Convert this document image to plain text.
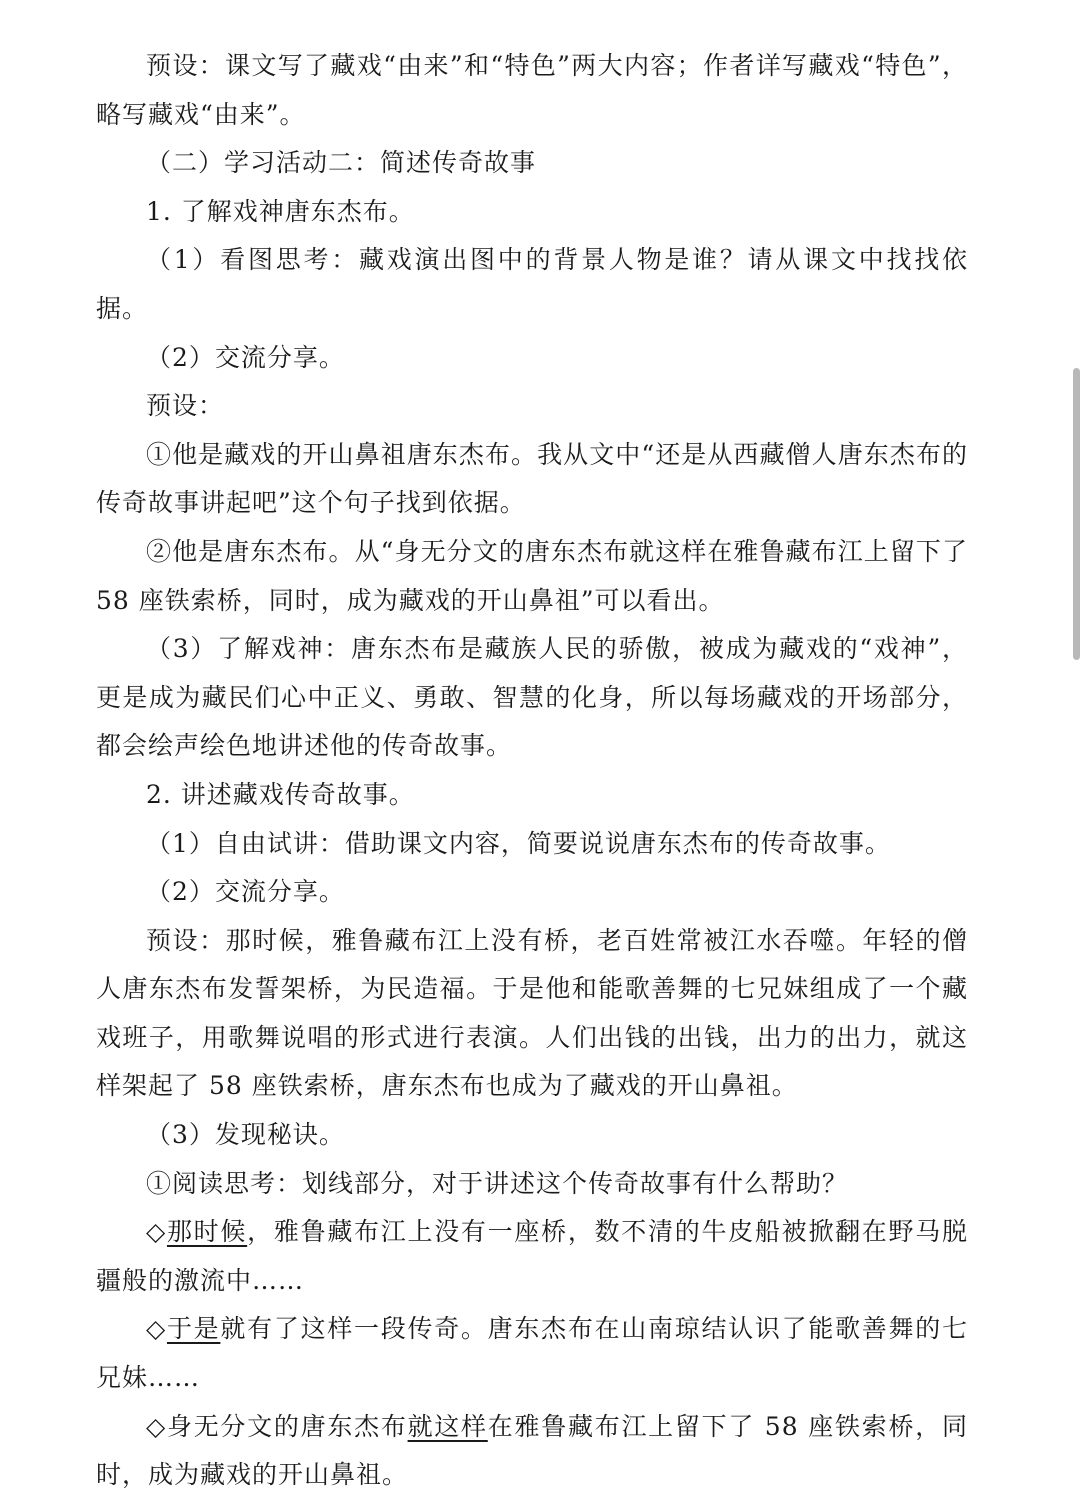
预设：课文写了藏戏“由来”和“特色”两大内容；作者详写藏戏“特色”，略写藏戏“由来”。

（二）学习活动二：简述传奇故事

1. 了解戏神唐东杰布。

（1）看图思考：藏戏演出图中的背景人物是谁？请从课文中找找依据。

（2）交流分享。

预设：

①他是藏戏的开山鼻祖唐东杰布。我从文中“还是从西藏僧人唐东杰布的传奇故事讲起吧”这个句子找到依据。

②他是唐东杰布。从“身无分文的唐东杰布就这样在雅鲁藏布江上留下了 58 座铁索桥，同时，成为藏戏的开山鼻祖”可以看出。

（3）了解戏神：唐东杰布是藏族人民的骄傲，被成为藏戏的“戏神”，更是成为藏民们心中正义、勇敢、智慧的化身，所以每场藏戏的开场部分，都会绘声绘色地讲述他的传奇故事。

2. 讲述藏戏传奇故事。

（1）自由试讲：借助课文内容，简要说说唐东杰布的传奇故事。

（2）交流分享。

预设：那时候，雅鲁藏布江上没有桥，老百姓常被江水吞噬。年轻的僧人唐东杰布发誓架桥，为民造福。于是他和能歌善舞的七兄妹组成了一个藏戏班子，用歌舞说唱的形式进行表演。人们出钱的出钱，出力的出力，就这样架起了 58 座铁索桥，唐东杰布也成为了藏戏的开山鼻祖。

（3）发现秘诀。

①阅读思考：划线部分，对于讲述这个传奇故事有什么帮助？

◇那时候，雅鲁藏布江上没有一座桥，数不清的牛皮船被掀翻在野马脱疆般的激流中……

◇于是就有了这样一段传奇。唐东杰布在山南琼结认识了能歌善舞的七兄妹……

◇身无分文的唐东杰布就这样在雅鲁藏布江上留下了 58 座铁索桥，同时，成为藏戏的开山鼻祖。
